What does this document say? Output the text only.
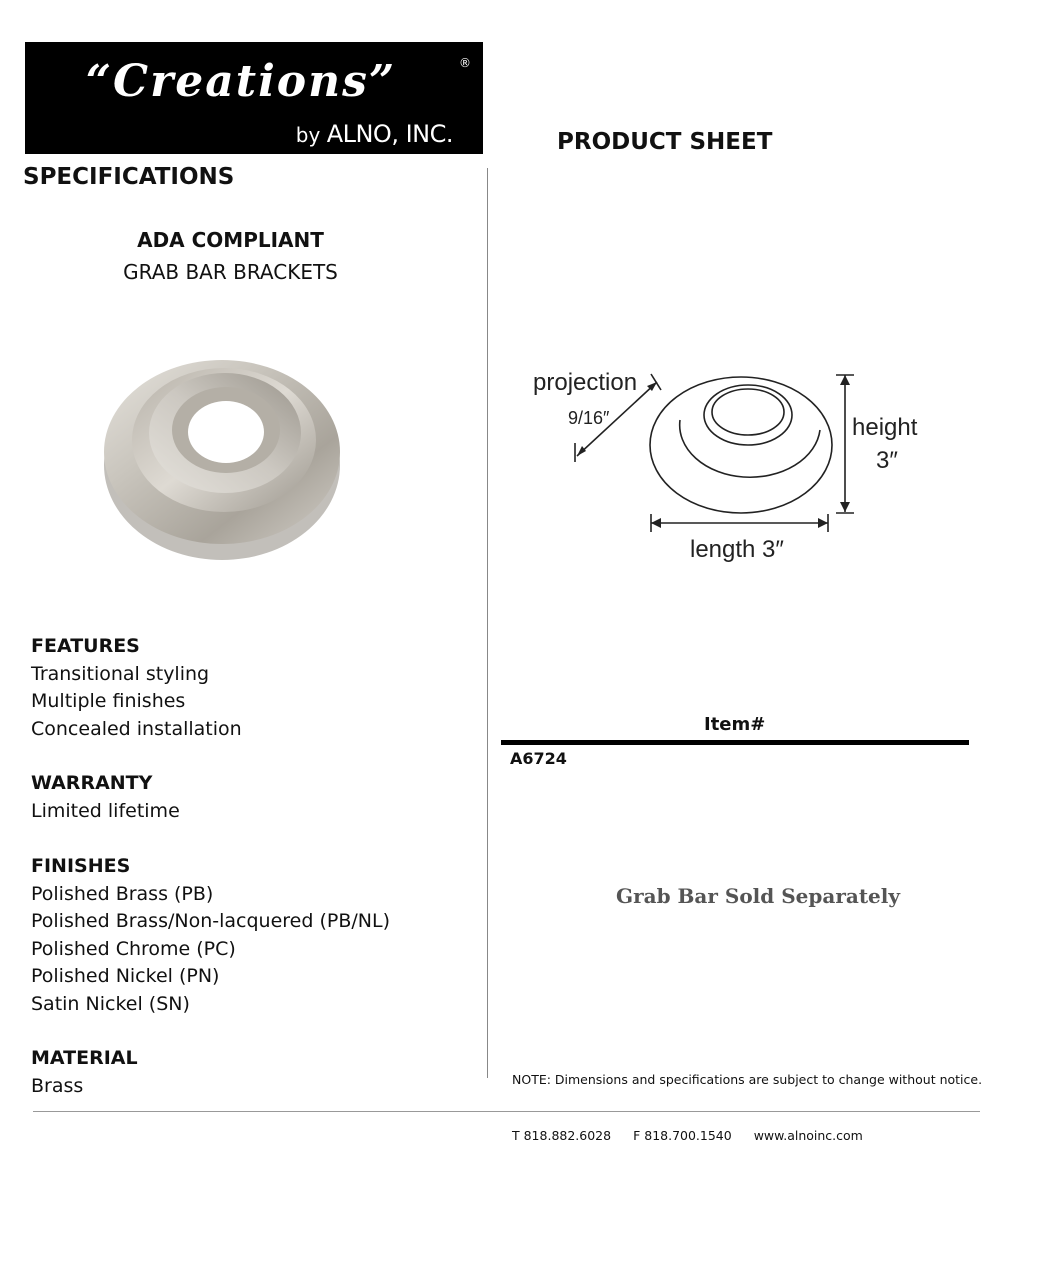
“Creations”	®
by ALNO, INC.
SPECIFICATIONS
PRODUCT SHEET
ADA COMPLIANT
GRAB BAR BRACKETS
FEATURES
Transitional styling
Multiple finishes
Concealed installation
WARRANTY
Limited lifetime
FINISHES
Polished Brass (PB)
Polished Brass/Non-lacquered (PB/NL)
Polished Chrome (PC)
Polished Nickel (PN)
Satin Nickel (SN)
MATERIAL
Brass
projection
9/16″	height
3″
length 3″
Item#
A6724
Grab Bar Sold Separately
NOTE: Dimensions and specifications are subject to change without notice.
T 818.882.6028 F 818.700.1540 www.alnoinc.com
